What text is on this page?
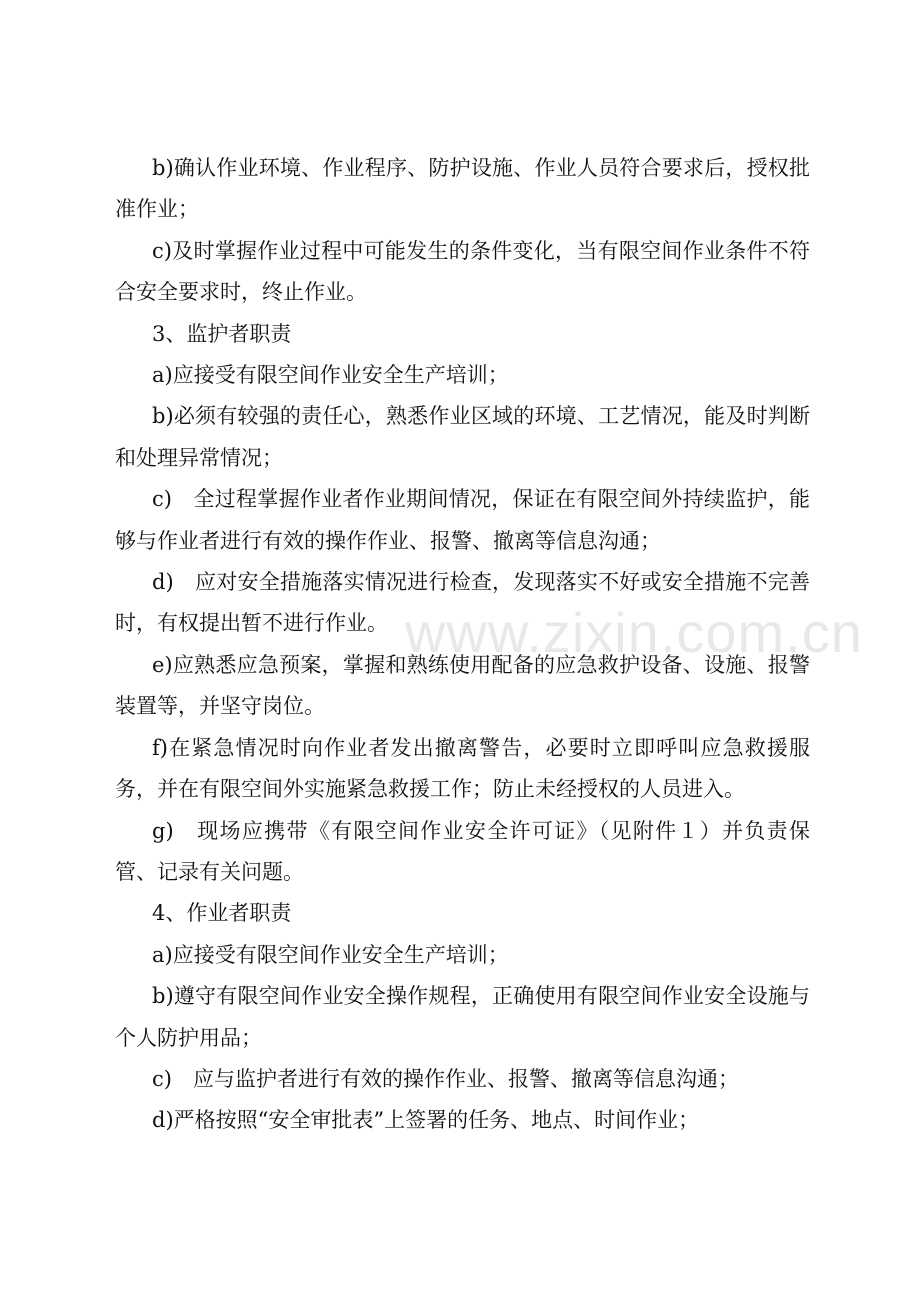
b)确认作业环境、作业程序、防护设施、作业人员符合要求后，授权批准作业；

c)及时掌握作业过程中可能发生的条件变化，当有限空间作业条件不符合安全要求时，终止作业。

3、监护者职责

a)应接受有限空间作业安全生产培训；

b)必须有较强的责任心，熟悉作业区域的环境、工艺情况，能及时判断和处理异常情况；

c)　全过程掌握作业者作业期间情况，保证在有限空间外持续监护，能够与作业者进行有效的操作作业、报警、撤离等信息沟通；

d)　应对安全措施落实情况进行检查，发现落实不好或安全措施不完善时，有权提出暂不进行作业。

e)应熟悉应急预案，掌握和熟练使用配备的应急救护设备、设施、报警装置等，并坚守岗位。

f)在紧急情况时向作业者发出撤离警告，必要时立即呼叫应急救援服务，并在有限空间外实施紧急救援工作；防止未经授权的人员进入。

g)　现场应携带《有限空间作业安全许可证》（见附件１）并负责保管、记录有关问题。

4、作业者职责

a)应接受有限空间作业安全生产培训；

b)遵守有限空间作业安全操作规程，正确使用有限空间作业安全设施与个人防护用品；

c)　应与监护者进行有效的操作作业、报警、撤离等信息沟通；

d)严格按照“安全审批表”上签署的任务、地点、时间作业；

www.zixin.com.cn
